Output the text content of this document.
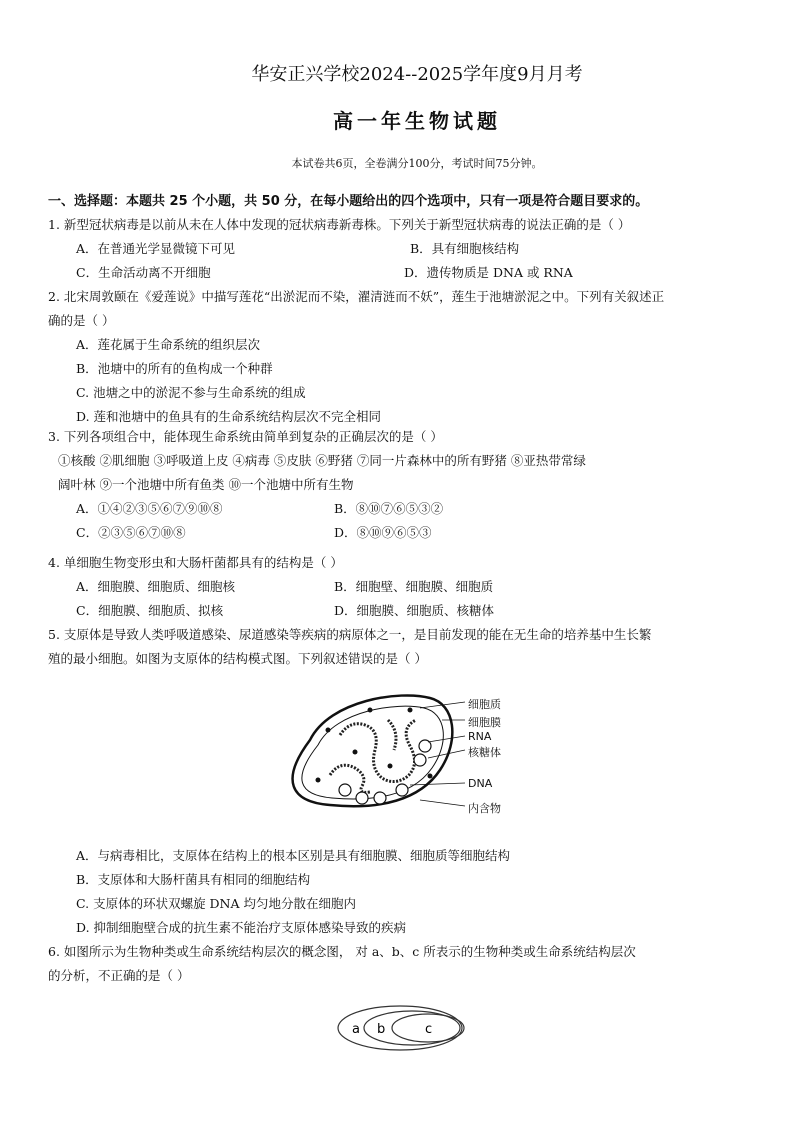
华安正兴学校2024--2025学年度9月月考
高一年生物试题
本试卷共6页，全卷满分100分，考试时间75分钟。
一、选择题：本题共 25 个小题，共 50 分，在每小题给出的四个选项中，只有一项是符合题目要求的。
1. 新型冠状病毒是以前从未在人体中发现的冠状病毒新毒株。下列关于新型冠状病毒的说法正确的是（ ）
A．在普通光学显微镜下可见	B．具有细胞核结构
C．生命活动离不开细胞	D．遗传物质是 DNA 或 RNA
2. 北宋周敦颐在《爱莲说》中描写莲花“出淤泥而不染，濯清涟而不妖”，莲生于池塘淤泥之中。下列有关叙述正
确的是（ ）
A．莲花属于生命系统的组织层次
B．池塘中的所有的鱼构成一个种群
C. 池塘之中的淤泥不参与生命系统的组成
D. 莲和池塘中的鱼具有的生命系统结构层次不完全相同
3. 下列各项组合中，能体现生命系统由简单到复杂的正确层次的是（ ）
①核酸 ②肌细胞 ③呼吸道上皮 ④病毒 ⑤皮肤 ⑥野猪 ⑦同一片森林中的所有野猪 ⑧亚热带常绿
阔叶林 ⑨一个池塘中所有鱼类 ⑩一个池塘中所有生物
A．①④②③⑤⑥⑦⑨⑩⑧	B．⑧⑩⑦⑥⑤③②
C．②③⑤⑥⑦⑩⑧	D．⑧⑩⑨⑥⑤③
4. 单细胞生物变形虫和大肠杆菌都具有的结构是（ ）
A．细胞膜、细胞质、细胞核	B．细胞壁、细胞膜、细胞质
C．细胞膜、细胞质、拟核	D．细胞膜、细胞质、核糖体
5. 支原体是导致人类呼吸道感染、尿道感染等疾病的病原体之一，是目前发现的能在无生命的培养基中生长繁
殖的最小细胞。如图为支原体的结构模式图。下列叙述错误的是（ ）
细胞质
细胞膜
RNA
核糖体
DNA
内含物
A．与病毒相比，支原体在结构上的根本区别是具有细胞膜、细胞质等细胞结构
B．支原体和大肠杆菌具有相同的细胞结构
C. 支原体的环状双螺旋 DNA 均匀地分散在细胞内
D. 抑制细胞壁合成的抗生素不能治疗支原体感染导致的疾病
6. 如图所示为生物种类或生命系统结构层次的概念图， 对 a、b、c 所表示的生物种类或生命系统结构层次
的分析，不正确的是（ ）
a b	c
